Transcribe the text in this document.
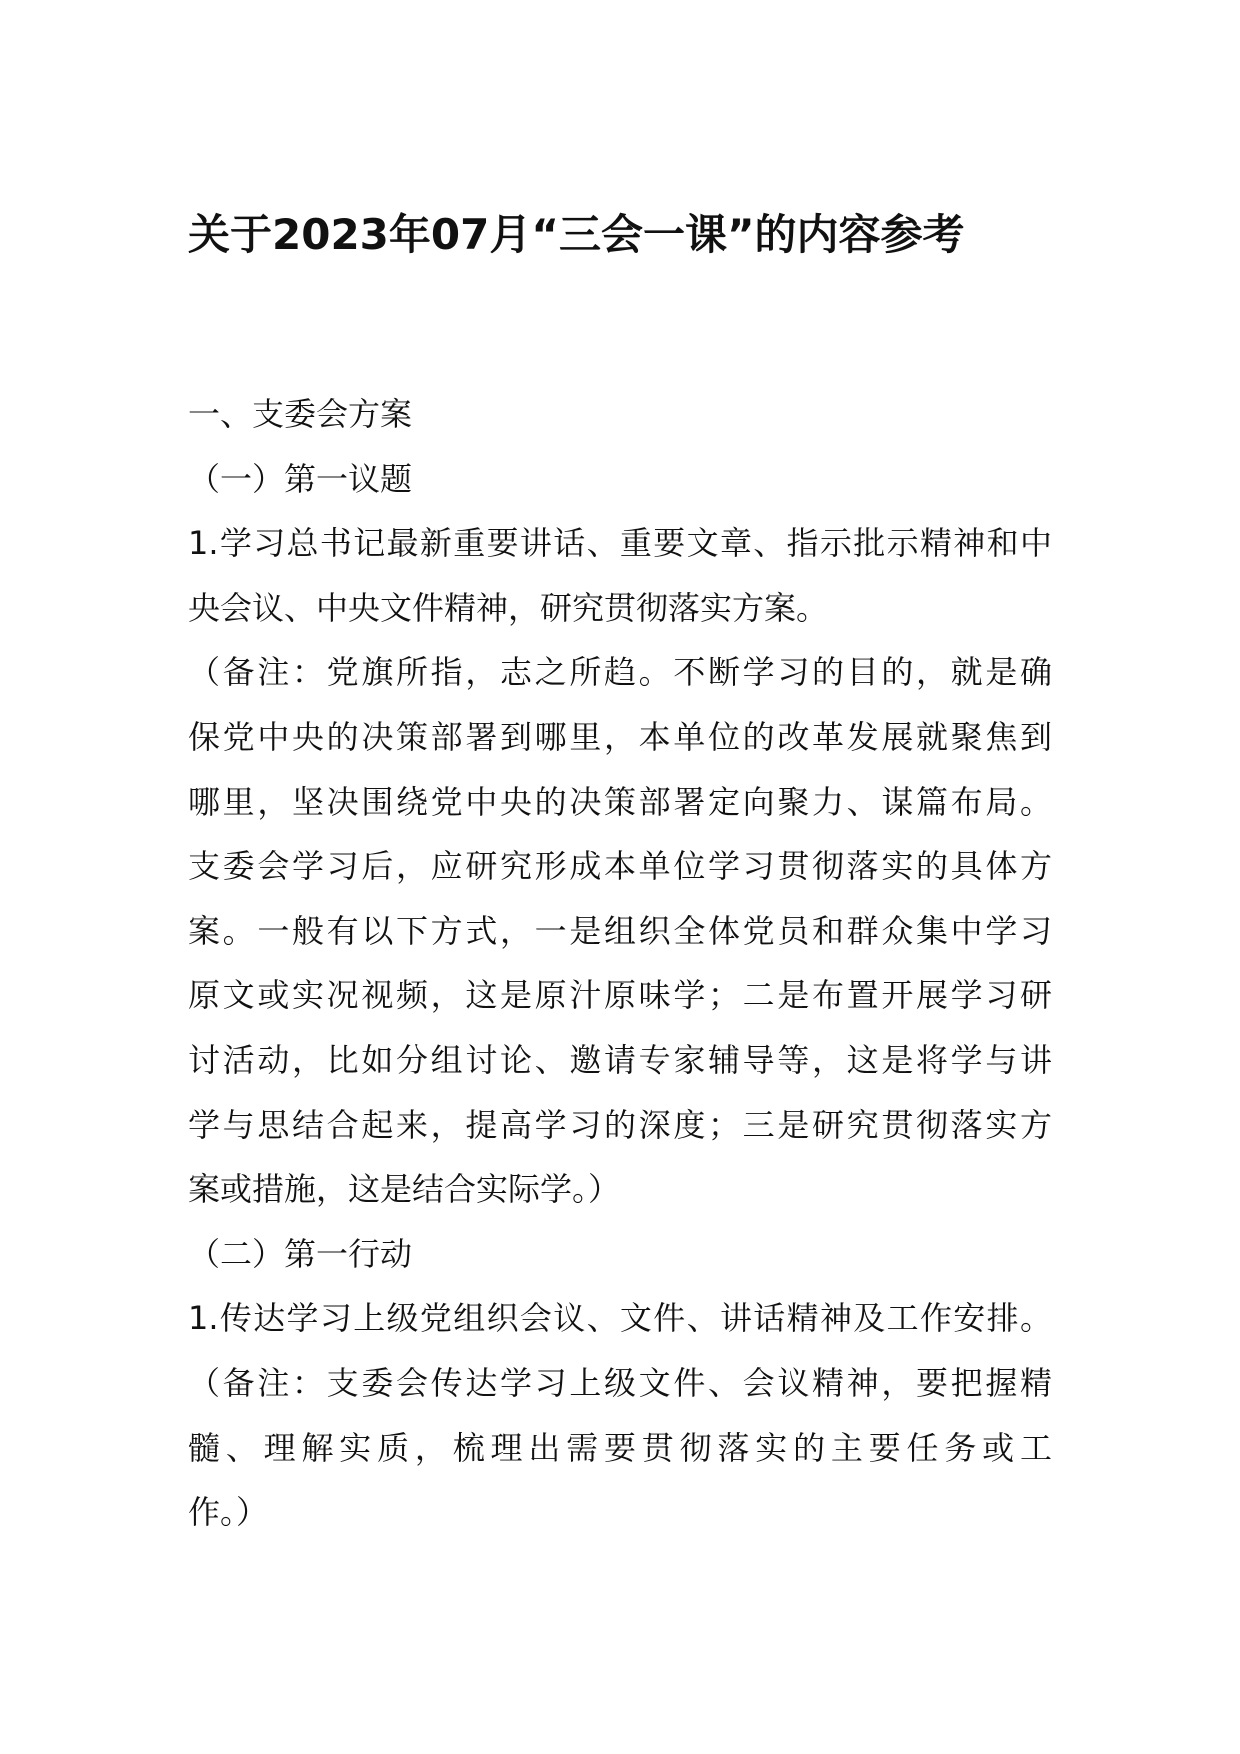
关于2023年07月“三会一课”的内容参考

一、支委会方案

（一）第一议题

1.学习总书记最新重要讲话、重要文章、指示批示精神和中

央会议、中央文件精神，研究贯彻落实方案。

（备注：党旗所指，志之所趋。不断学习的目的，就是确

保党中央的决策部署到哪里，本单位的改革发展就聚焦到

哪里，坚决围绕党中央的决策部署定向聚力、谋篇布局。

支委会学习后，应研究形成本单位学习贯彻落实的具体方

案。一般有以下方式，一是组织全体党员和群众集中学习

原文或实况视频，这是原汁原味学；二是布置开展学习研

讨活动，比如分组讨论、邀请专家辅导等，这是将学与讲

学与思结合起来，提高学习的深度；三是研究贯彻落实方

案或措施，这是结合实际学。）

（二）第一行动

1.传达学习上级党组织会议、文件、讲话精神及工作安排。

（备注：支委会传达学习上级文件、会议精神，要把握精

髓、理解实质，梳理出需要贯彻落实的主要任务或工

作。）
